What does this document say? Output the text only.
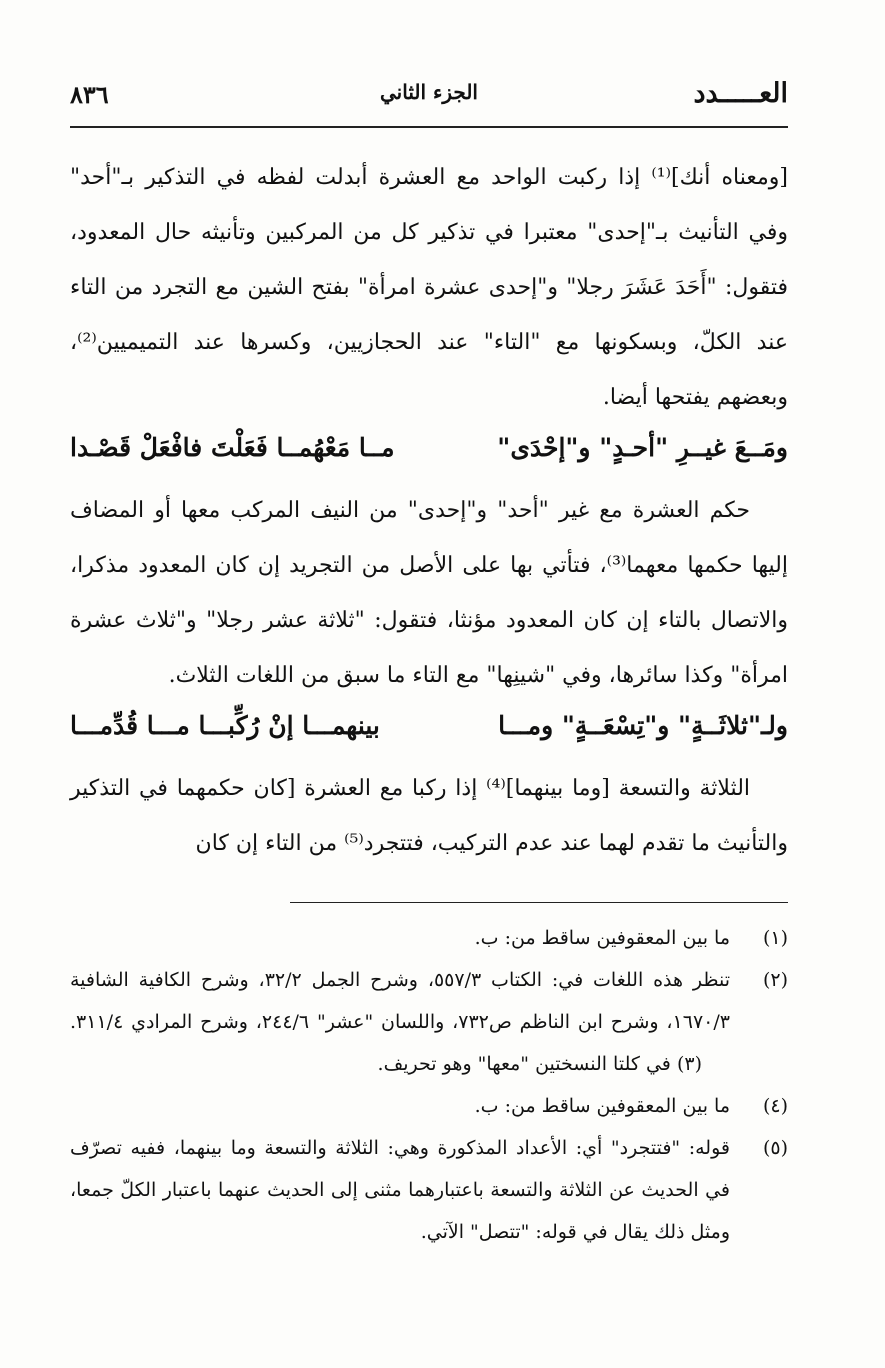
العـــــدد
الجزء الثاني
٨٣٦

[ومعناه أنك]⁽¹⁾ إذا ركبت الواحد مع العشرة أبدلت لفظه في التذكير بـ"أحد" وفي التأنيث بـ"إحدى" معتبرا في تذكير كل من المركبين وتأنيثه حال المعدود، فتقول: "أَحَدَ عَشَرَ رجلا" و"إحدى عشرة امرأة" بفتح الشين مع التجرد من التاء عند الكلّ، وبسكونها مع "التاء" عند الحجازيين، وكسرها عند التميميين⁽²⁾، وبعضهم يفتحها أيضا.

ومَــعَ غيــرِ "أحـدٍ" و"إحْدَى"
مــا مَعْهُمــا فَعَلْتَ فافْعَلْ قَصْـدا

حكم العشرة مع غير "أحد" و"إحدى" من النيف المركب معها أو المضاف إليها حكمها معهما⁽³⁾، فتأتي بها على الأصل من التجريد إن كان المعدود مذكرا، والاتصال بالتاء إن كان المعدود مؤنثا، فتقول: "ثلاثة عشر رجلا" و"ثلاث عشرة امرأة" وكذا سائرها، وفي "شينِها" مع التاء ما سبق من اللغات الثلاث.

ولـ"ثلاثَــةٍ" و"تِسْعَــةٍ" ومـــا
بينهمـــا إنْ رُكِّبـــا مـــا قُدِّمـــا

الثلاثة والتسعة [وما بينهما]⁽⁴⁾ إذا ركبا مع العشرة [كان حكمهما في التذكير والتأنيث ما تقدم لهما عند عدم التركيب، فتتجرد⁽⁵⁾ من التاء إن كان

(١)
ما بين المعقوفين ساقط من: ب.
(٢)
تنظر هذه اللغات في: الكتاب ٥٥٧/٣، وشرح الجمل ٣٢/٢، وشرح الكافية الشافية ١٦٧٠/٣، وشرح ابن الناظم ص٧٣٢، واللسان "عشر" ٢٤٤/٦، وشرح المرادي ٣١١/٤.(٣) في كلتا النسختين "معها" وهو تحريف.
(٤)
ما بين المعقوفين ساقط من: ب.
(٥)
قوله: "فتتجرد" أي: الأعداد المذكورة وهي: الثلاثة والتسعة وما بينهما، ففيه تصرّف في الحديث عن الثلاثة والتسعة باعتبارهما مثنى إلى الحديث عنهما باعتبار الكلّ جمعا، ومثل ذلك يقال في قوله: "تتصل" الآتي.
